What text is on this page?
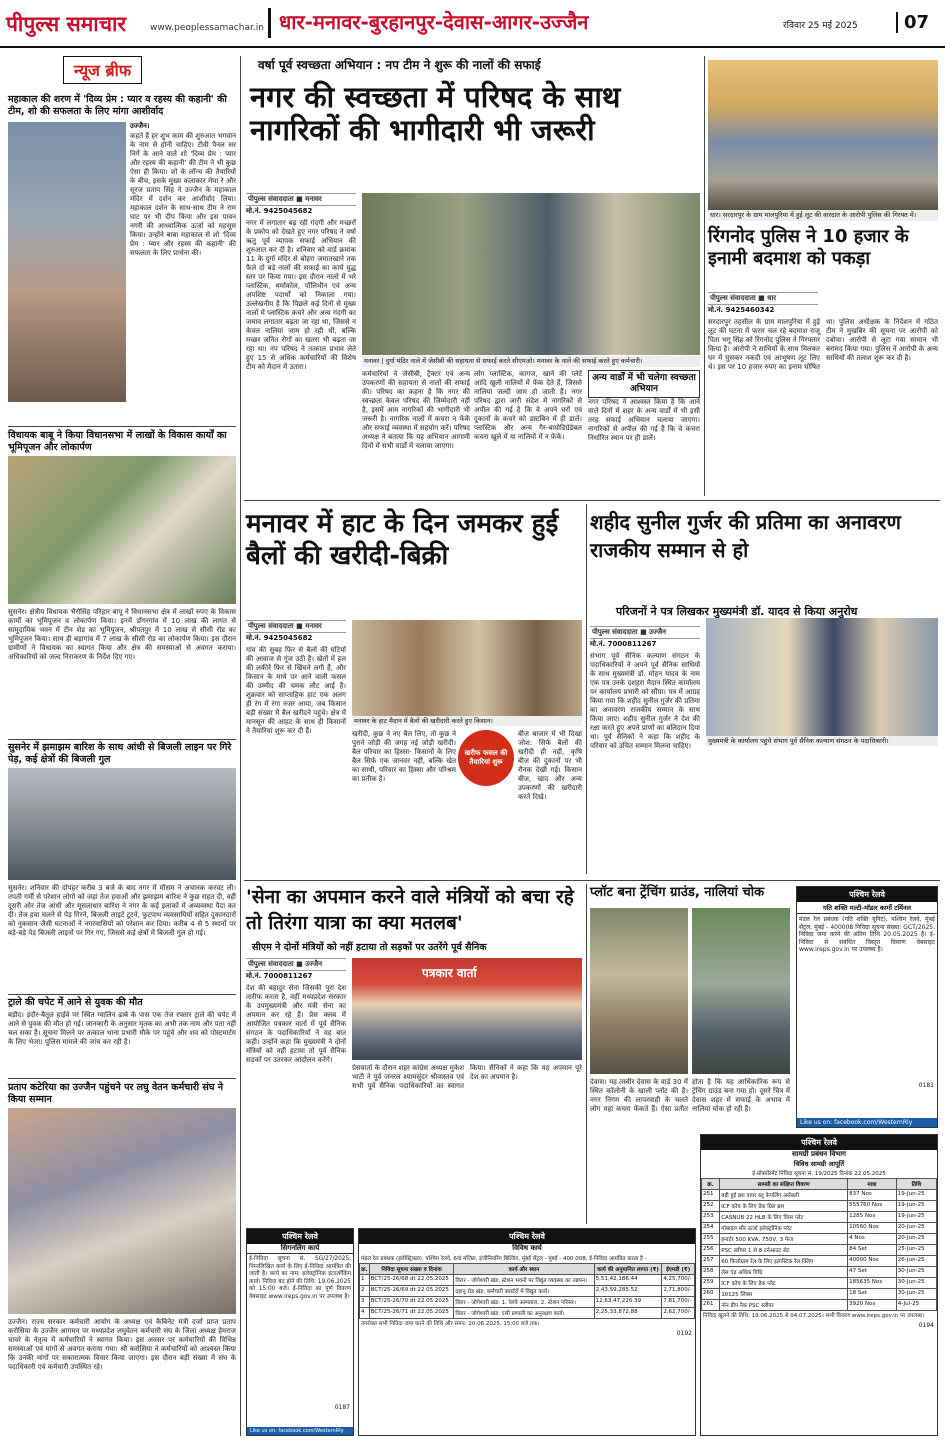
पीपुल्स समाचार	www.peoplessamachar.in धार-मनावर-बुरहानपुर-देवास-आगर-उज्जैन	रविवार 25 मई 2025	07
न्यूज ब्रीफ
महाकाल की शरण में 'दिव्य प्रेम : प्यार व रहस्य की कहानी' की टीम, शो की सफलता के लिए मांगा आशीर्वाद
उज्जैन।
कहते हैं हर शुभ काम की शुरुआत भगवान के नाम से होनी चाहिए। टीवी पैनल सर निर्गे के आने वाले शो 'दिव्य प्रेम : प्यार और रहस्य की कहानी' की टीम ने भी कुछ ऐसा ही किया। शो के लॉन्च की तैयारियों के बीच, इसके मुख्य कलाकार मेघा रे और सूरज प्रताप सिंह ने उज्जैन के महाकाल मंदिर में दर्शन कर आशीर्वाद लिया। महाकाल दर्शन के साथ-साथ टीम ने राम घाट पर भी दीप किया और इस पावन नगरी की आध्यात्मिक ऊर्जा को महसूस किया। उन्होंने बाबा महाकाल से शो 'दिव्य प्रेम : प्यार और रहस्य की कहानी' की सफलता के लिए प्रार्थना की।
विधायक बाबू ने किया विधानसभा में लाखों के विकास कार्यों का भूमिपूजन और लोकार्पण
सुसनेर। क्षेत्रीय विधायक भैरोसिंह परिहार बापू ने विधानसभा क्षेत्र में लाखों रुपए के विकास कार्यों का भूमिपूजन व लोकार्पण किया। इनमें डोंगरगांव में 10 लाख की लागत से सामुदायिक भवन में टीन शेड का भूमिपूजन, श्रीपतपुर में 10 लाख से सीसी रोड का भूमिपूजन किया। साथ ही बड़ागांव में 7 लाख के सीसी रोड का लोकार्पण किया। इस दौरान ग्रामीणों ने विधायक का स्वागत किया और क्षेत्र की समस्याओं से अवगत कराया। अधिकारियों को जल्द निराकरण के निर्देश दिए गए।
सुसनेर में झमाझम बारिश के साथ आंधी से बिजली लाइन पर गिरे पेड़, कई क्षेत्रों की बिजली गुल
सुसनेर। शनिवार की दोपहर करीब 3 बजे के बाद नगर में मौसम ने अचानक करवट ली। तपती गर्मी से परेशान लोगों को जहां तेज हवाओं और झमाझम बारिश ने कुछ राहत दी, वहीं दूसरी ओर तेज आंधी और मूसलाधार बारिश ने नगर के कई इलाकों में अव्यवस्था पैदा कर दी। तेज हवा चलने से पेड़ गिरने, बिजली लाइटें टूटने, फुटपाथ व्यवसायियों सहित दुकानदारों को नुकसान जैसी घटनाओं ने नगरवासियों को परेशान कर दिया। करीब 4 से 5 स्थानों पर बड़े-बड़े पेड़ बिजली लाइनों पर गिर गए, जिससे कई क्षेत्रों में बिजली गुल हो गई।
ट्राले की चपेट में आने से युवक की मौत
बड़ौद। इंदौर-बैतूल हाईवे पर स्थित ग्वालिन ढाबे के पास एक तेज रफ्तार ट्राले की चपेट में आने से युवक की मौत हो गई। जानकारी के अनुसार मृतक का अभी तक नाम और पता नहीं चल सका है। सूचना मिलने पर तत्काल थाना प्रभारी मौके पर पहुंचे और शव को पोस्टमार्टम के लिए भेजा। पुलिस मामले की जांच कर रही है।
प्रताप कटेरिया का उज्जैन पहुंचने पर लघु वेतन कर्मचारी संघ ने किया सम्मान
उज्जैन। राज्य सरकार कर्मचारी आयोग के अध्यक्ष एवं कैबिनेट मंत्री दर्जा प्राप्त प्रताप करोसिया के उज्जैन आगमन पर मध्यप्रदेश लघुवेतन कर्मचारी संघ के जिला अध्यक्ष हेमराज चावरे के नेतृत्व में कर्मचारियों ने स्वागत किया। इस अवसर पर कर्मचारियों की विभिन्न समस्याओं एवं मांगों से अवगत कराया गया। श्री करोसिया ने कर्मचारियों को आश्वस्त किया कि उनकी मांगों पर सकारात्मक विचार किया जाएगा। इस दौरान बड़ी संख्या में संघ के पदाधिकारी एवं कर्मचारी उपस्थित रहे।
वर्षा पूर्व स्वच्छता अभियान : नप टीम ने शुरू की नालों की सफाई
नगर की स्वच्छता में परिषद के साथ नागरिकों की भागीदारी भी जरूरी
पीपुल्स संवाददाता ■ मनावर
मो.नं. 9425045682
नगर में लगातार बढ़ रही गंदगी और मच्छरों के प्रकोप को देखते हुए नगर परिषद ने वर्षा ऋतु पूर्व व्यापक सफाई अभियान की शुरुआत कर दी है। शनिवार को वार्ड क्रमांक 11 के दुर्गा मंदिर से बोहरा जमातखाने तक फैले दो बड़े नालों की सफाई का कार्य युद्ध स्तर पर किया गया। इस दौरान नालों में भरे प्लास्टिक, थर्माकोल, पॉलिथीन एवं अन्य अपशिष्ट पदार्थों को निकाला गया। उल्लेखनीय है कि पिछले कई दिनों से मुख्य नालों में प्लास्टिक कचरे और अन्य गंदगी का जमाव लगातार बढ़ता जा रहा था, जिससे न केवल नालियां जाम हो रही थीं, बल्कि मच्छर जनित रोगों का खतरा भी बढ़ता जा रहा था। नप परिषद ने तत्काल प्रभाव लेते हुए 15 से अधिक कर्मचारियों की विशेष टीम को मैदान में उतारा।
मनावर | दुर्गा मंदिर नाले में जेसीबी की सहायता से सफाई करते सीएमओ। मनावर के नाले की सफाई करते हुए कर्मचारी।
कर्मचारियों ने जेसीबी, ट्रैक्टर एवं अन्य उपकरणों की सहायता से नालों की सफाई की। परिषद का कहना है कि नगर की स्वच्छता केवल परिषद की जिम्मेदारी नहीं है, इसमें आम नागरिकों की भागीदारी भी जरूरी है। नागरिक नालों में कचरा न फेंकें और सफाई व्यवस्था में सहयोग करें। परिषद अध्यक्ष ने बताया कि यह अभियान आगामी दिनों में सभी वार्डों में चलाया जाएगा।
लोग प्लास्टिक, कागज, खाने की प्लेटें आदि खुली नालियों में फेंक देते हैं, जिससे नालियां जल्दी जाम हो जाती हैं। नगर परिषद द्वारा जारी संदेश में नागरिकों से अपील की गई है कि वे अपने घरों एवं दुकानों के कचरे को डस्टबिन में ही डालें। प्लास्टिक और अन्य गैर-बायोडिग्रेडेबल कचरा खुले में या नालियों में न फेंकें।
अन्य वार्डों में भी चलेगा स्वच्छता अभियान
नगर परिषद ने आश्वस्त किया है कि आने वाले दिनों में शहर के अन्य वार्डों में भी इसी तरह सफाई अभियान चलाया जाएगा। नागरिकों से अपील की गई है कि वे कचरा निर्धारित स्थान पर ही डालें।
धार। सरदारपुर के ग्राम मालपुरिया में हुई लूट की वारदात के आरोपी पुलिस की गिरफ्त में।
रिंगनोद पुलिस ने 10 हजार के इनामी बदमाश को पकड़ा
पीपुल्स संवाददाता ■ धार
मो.नं. 9425460342
सरदारपुर तहसील के ग्राम मालपुरिया में हुई लूट की घटना में फरार चल रहे बदमाश राजू पिता भगू सिंह को रिंगनोद पुलिस ने गिरफ्तार किया है। आरोपी ने साथियों के साथ मिलकर घर में घुसकर नकदी एवं आभूषण लूट लिए थे। इस पर 10 हजार रुपए का इनाम घोषित था। पुलिस अधीक्षक के निर्देशन में गठित टीम ने मुखबिर की सूचना पर आरोपी को दबोचा। आरोपी से लूटा गया सामान भी बरामद किया गया। पुलिस ने आरोपी के अन्य साथियों की तलाश शुरू कर दी है।
मनावर में हाट के दिन जमकर हुई बैलों की खरीदी-बिक्री
पीपुल्स संवाददाता ■ मनावर
मो.नं. 9425045682
गांव की सुबह फिर से बैलों की घंटियों की आवाज से गूंज उठी है। खेतों में हल की लकीरें फिर से खिंचने लगी हैं, और किसान के माथे पर आने वाली फसल की उम्मीद की चमक लौट आई है। शुक्रवार को साप्ताहिक हाट एक अलग ही रंग में रंगा नजर आया, जब किसान बड़ी संख्या में बैल खरीदने पहुंचे। क्षेत्र में मानसून की आहट के साथ ही किसानों ने तैयारियां शुरू कर दी हैं।
मनावर के हाट मैदान में बैलों की खरीदारी करते हुए किसान।
खरीदी, कुछ ने नए बैल लिए, तो कुछ ने पुराने जोड़ी की जगह नई जोड़ी खरीदी। बैल परिवार का हिस्सा- किसानों के लिए बैल सिर्फ एक जानवर नहीं, बल्कि खेत का साथी, परिवार का हिस्सा और परिश्रम का प्रतीक है।
खरीफ फसल की तैयारियां शुरू
बीज बाजार में भी दिखा जोश: सिर्फ बैलों की खरीदी ही नहीं, कृषि बीज की दुकानों पर भी रौनक देखी गई। किसान बीज, खाद और अन्य उपकरणों की खरीदारी करते दिखे।
शहीद सुनील गुर्जर की प्रतिमा का अनावरण राजकीय सम्मान से हो
परिजनों ने पत्र लिखकर मुख्यमंत्री डॉ. यादव से किया अनुरोध
पीपुल्स संवाददाता ■ उज्जैन
मो.नं. 7000811267
संभाग पूर्व सैनिक कल्याण संगठन के पदाधिकारियों ने अपने पूर्व सैनिक साथियों के साथ मुख्यमंत्री डॉ. मोहन यादव के नाम एक पत्र उनके दशहरा मैदान स्थित कार्यालय पर कार्यालय प्रभारी को सौंपा। पत्र में आग्रह किया गया कि शहीद सुनील गुर्जर की प्रतिमा का अनावरण राजकीय सम्मान के साथ किया जाए। शहीद सुनील गुर्जर ने देश की रक्षा करते हुए अपने प्राणों का बलिदान दिया था। पूर्व सैनिकों ने कहा कि शहीद के परिवार को उचित सम्मान मिलना चाहिए।
मुख्यमंत्री के कार्यालय पहुंचे संभाग पूर्व सैनिक कल्याण संगठन के पदाधिकारी।
'सेना का अपमान करने वाले मंत्रियों को बचा रहे तो तिरंगा यात्रा का क्या मतलब'
सीएम ने दोनों मंत्रियों को नहीं हटाया तो सड़कों पर उतरेंगे पूर्व सैनिक
पीपुल्स संवाददाता ■ उज्जैन
मो.नं. 7000811267
देश की बहादुर सेना जिसकी पूरा देश तारीफ करता है, वहीं मध्यप्रदेश सरकार के उपमुख्यमंत्री और मंत्री सेना का अपमान कर रहे हैं। प्रेस क्लब में आयोजित पत्रकार वार्ता में पूर्व सैनिक संगठन के पदाधिकारियों ने यह बात कही। उन्होंने कहा कि मुख्यमंत्री ने दोनों मंत्रियों को नहीं हटाया तो पूर्व सैनिक सड़कों पर उतरकर आंदोलन करेंगे।
पत्रकार वार्ता
प्रेसवार्ता के दौरान शहर कांग्रेस अध्यक्ष मुकेश भाटी ने पूर्व जनरल श्यामसुंदर श्रीवास्तव एवं सभी पूर्व सैनिक पदाधिकारियों का स्वागत किया। सैनिकों ने कहा कि यह अपमान पूरे देश का अपमान है।
प्लॉट बना ट्रेंचिंग ग्राउंड, नालियां चोक
देवास। यह तस्वीर देवास के वार्ड 30 में स्थित कॉलोनी के खाली प्लॉट की है। नगर निगम की लापरवाही के चलते लोग यहां कचरा फेंकते हैं। ऐसा प्रतीत होता है कि यह आधिकारिक रूप से ट्रेंचिंग ग्राउंड बना गया हो। दूसरे चित्र में देवास शहर में सफाई के अभाव में नालियां चोक हो रही हैं।
पश्चिम रेलवे
गति शक्ति मल्टी-मॉडल कार्गो टर्मिनल
मंडल रेल प्रबंधक (गति शक्ति यूनिट), पश्चिम रेलवे, मुंबई सेंट्रल, मुंबई - 400008 निविदा सूचना संख्या: GCT/2025. निविदा जमा करने की अंतिम तिथि 20.05.2025 है। ई-निविदा से संबंधित विस्तृत विवरण वेबसाइट www.ireps.gov.in पर उपलब्ध है।
0181
Like us on: facebook.com/WesternRly
पश्चिम रेलवे
सामग्री प्रबंधन विभाग
विविध सामग्री आपूर्ति
ई-प्रोक्योरमेंट निविदा सूचना सं. 19/2025 दिनांक 22.05.2025
क्र.	सामग्री का संक्षिप्त विवरण	मात्रा	तिथि
251	बड़ी हुई ब्रश वायर ब्लू केपलिंग असेंबली	837 Nos	19-Jun-25
252	ICF कोच के लिए डेक ग्रिल ब्रश	555760 Nos	19-Jun-25
253	CASNUB 22 HLB के लिए वियर प्लेट	1285 Nos	19-Jun-25
254	मोबाइल सौर ऊर्जा इलेक्ट्रॉनिक प्लेट	10560 Nos	20-Jun-25
255	इन्वर्टर 500 KVA, 750V, 3 फेज	4 Nos	20-Jun-25
256	PSC स्लीपर 1 से 8 टर्नआउट सेट	84 Set	25-Jun-25
257	60 किलोग्राम रेल के लिए इलास्टिक रेल क्लिप	40000 Nos	26-Jun-25
258	लेस एंड अधिक विधि	47 Set	30-Jun-25
259	ICF कोच के लिए डेक प्लेट	185635 Nos	30-Jun-25
260	10125 लिंक्स	18 Set	30-Jun-25
261	नॉन डीप नैक PSC स्लीपर	3920 Nos	4-Jul-25
निविदा खुलने की तिथि: 19.06.2025 से 04.07.2025। सभी विवरण www.ireps.gov.in पर उपलब्ध।
0194
पश्चिम रेलवे
सिगनलिंग कार्य
ई-निविदा सूचना सं. SG/27/2025. निम्नलिखित कार्य के लिए ई-निविदा आमंत्रित की जाती है। कार्य का नाम: इलेक्ट्रॉनिक इंटरलॉकिंग कार्य। निविदा बंद होने की तिथि: 19.06.2025 को 15:00 बजे। ई-निविदा का पूर्ण विवरण वेबसाइट www.ireps.gov.in पर उपलब्ध है।
0187
Like us on: facebook.com/WesternRly
पश्चिम रेलवे
विविध कार्य
मंडल रेल प्रबंधक (इलेक्ट्रिकल), पश्चिम रेलवे, 6वां मंजिल, इंजीनियरिंग बिल्डिंग, मुंबई सेंट्रल - मुंबई - 400 008, ई-निविदा आमंत्रित करता है -
क्र.	निविदा सूचना संख्या व दिनांक	कार्य और स्थान	कार्य की अनुमानित लागत (₹)	ईएमडी (₹)
1	BCT/25-26/68 dt 22.05.2025	विरार - जोगेश्वरी खंड: स्टेशन भवनों पर विद्युत व्यवस्था का उन्नयन।	5,51,42,186.44	4,25,700/-
2	BCT/25-26/69 dt 22.05.2025	दहानू रोड खंड: कर्मचारी क्वार्टरों में विद्युत कार्य।	2,43,59,285.52	2,71,800/-
3	BCT/25-26/70 dt 22.05.2025	विरार - जोगेश्वरी खंड: 1. रेलवे अस्पताल, 2. स्टेशन परिसर।	12,63,47,226.39	7,81,700/-
4	BCT/25-26/71 dt 22.05.2025	विरार - जोगेश्वरी खंड: एसी प्रणाली का अनुरक्षण कार्य।	2,25,33,872.88	2,62,700/-
उपरोक्त सभी निविदा जमा करने की तिथि और समय: 20.06.2025, 15:00 बजे तक।
0192
